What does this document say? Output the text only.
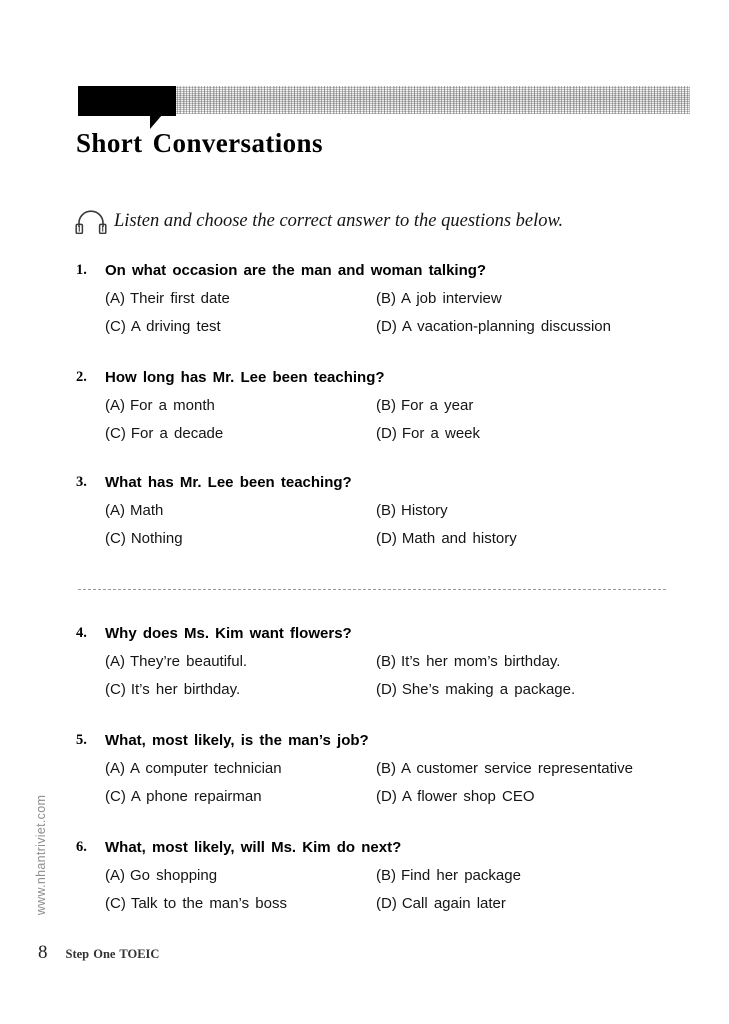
Short Conversations
Listen and choose the correct answer to the questions below.
1.	On what occasion are the man and woman talking?
(A) Their first date	(B) A job interview
(C) A driving test	(D) A vacation-planning discussion
2.	How long has Mr. Lee been teaching?
(A) For a month	(B) For a year
(C) For a decade	(D) For a week
3.	What has Mr. Lee been teaching?
(A) Math	(B) History
(C) Nothing	(D) Math and history
4.	Why does Ms. Kim want flowers?
(A) They’re beautiful.	(B) It’s her mom’s birthday.
(C) It’s her birthday.	(D) She’s making a package.
5.	What, most likely, is the man’s job?
(A) A computer technician	(B) A customer service representative
(C) A phone repairman	(D) A flower shop CEO
6.	What, most likely, will Ms. Kim do next?
(A) Go shopping	(B) Find her package
(C) Talk to the man’s boss	(D) Call again later
8 Step One TOEIC
www.nhantriviet.com
